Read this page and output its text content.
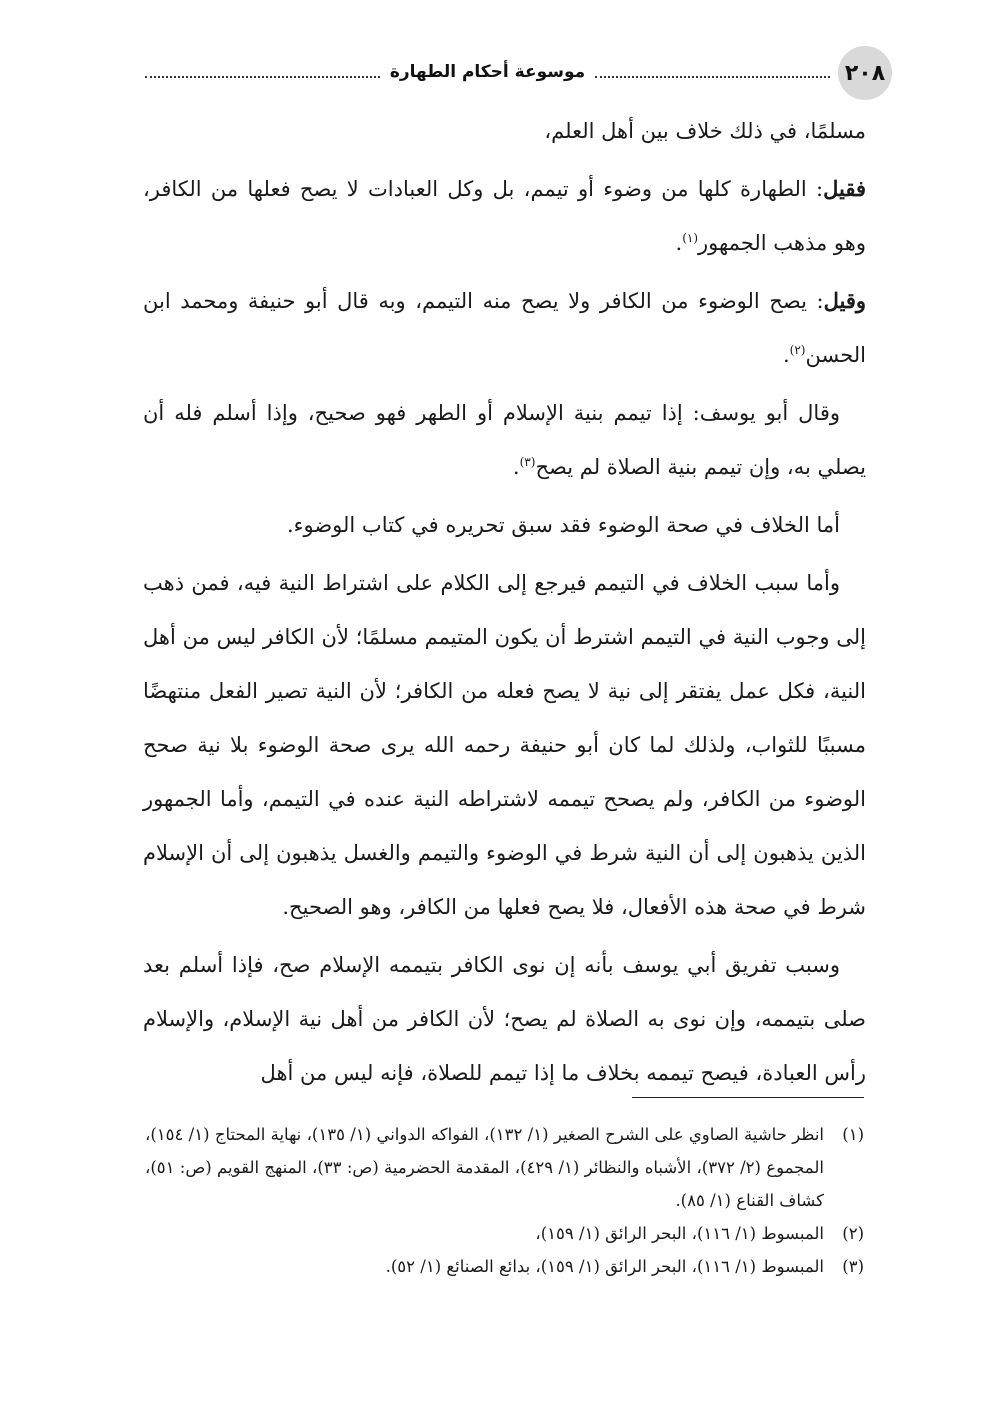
٢٠٨
موسوعة أحكام الطهارة

مسلمًا، في ذلك خلاف بين أهل العلم،

فقيل: الطهارة كلها من وضوء أو تيمم، بل وكل العبادات لا يصح فعلها من الكافر، وهو مذهب الجمهور$^{(١)}$.

وقيل: يصح الوضوء من الكافر ولا يصح منه التيمم، وبه قال أبو حنيفة ومحمد ابن الحسن$^{(٢)}$.

وقال أبو يوسف: إذا تيمم بنية الإسلام أو الطهر فهو صحيح، وإذا أسلم فله أن يصلي به، وإن تيمم بنية الصلاة لم يصح$^{(٣)}$.

أما الخلاف في صحة الوضوء فقد سبق تحريره في كتاب الوضوء.

وأما سبب الخلاف في التيمم فيرجع إلى الكلام على اشتراط النية فيه، فمن ذهب إلى وجوب النية في التيمم اشترط أن يكون المتيمم مسلمًا؛ لأن الكافر ليس من أهل النية، فكل عمل يفتقر إلى نية لا يصح فعله من الكافر؛ لأن النية تصير الفعل منتهضًا مسببًا للثواب، ولذلك لما كان أبو حنيفة رحمه الله يرى صحة الوضوء بلا نية صحح الوضوء من الكافر، ولم يصحح تيممه لاشتراطه النية عنده في التيمم، وأما الجمهور الذين يذهبون إلى أن النية شرط في الوضوء والتيمم والغسل يذهبون إلى أن الإسلام شرط في صحة هذه الأفعال، فلا يصح فعلها من الكافر، وهو الصحيح.

وسبب تفريق أبي يوسف بأنه إن نوى الكافر بتيممه الإسلام صح، فإذا أسلم بعد صلى بتيممه، وإن نوى به الصلاة لم يصح؛ لأن الكافر من أهل نية الإسلام، والإسلام رأس العبادة، فيصح تيممه بخلاف ما إذا تيمم للصلاة، فإنه ليس من أهل

(١)
انظر حاشية الصاوي على الشرح الصغير (١/ ١٣٢)، الفواكه الدواني (١/ ١٣٥)، نهاية المحتاج (١/ ١٥٤)، المجموع (٢/ ٣٧٢)، الأشباه والنظائر (١/ ٤٢٩)، المقدمة الحضرمية (ص: ٣٣)، المنهج القويم (ص: ٥١)، كشاف القناع (١/ ٨٥).
(٢)
المبسوط (١/ ١١٦)، البحر الرائق (١/ ١٥٩)،
(٣)
المبسوط (١/ ١١٦)، البحر الرائق (١/ ١٥٩)، بدائع الصنائع (١/ ٥٢).
